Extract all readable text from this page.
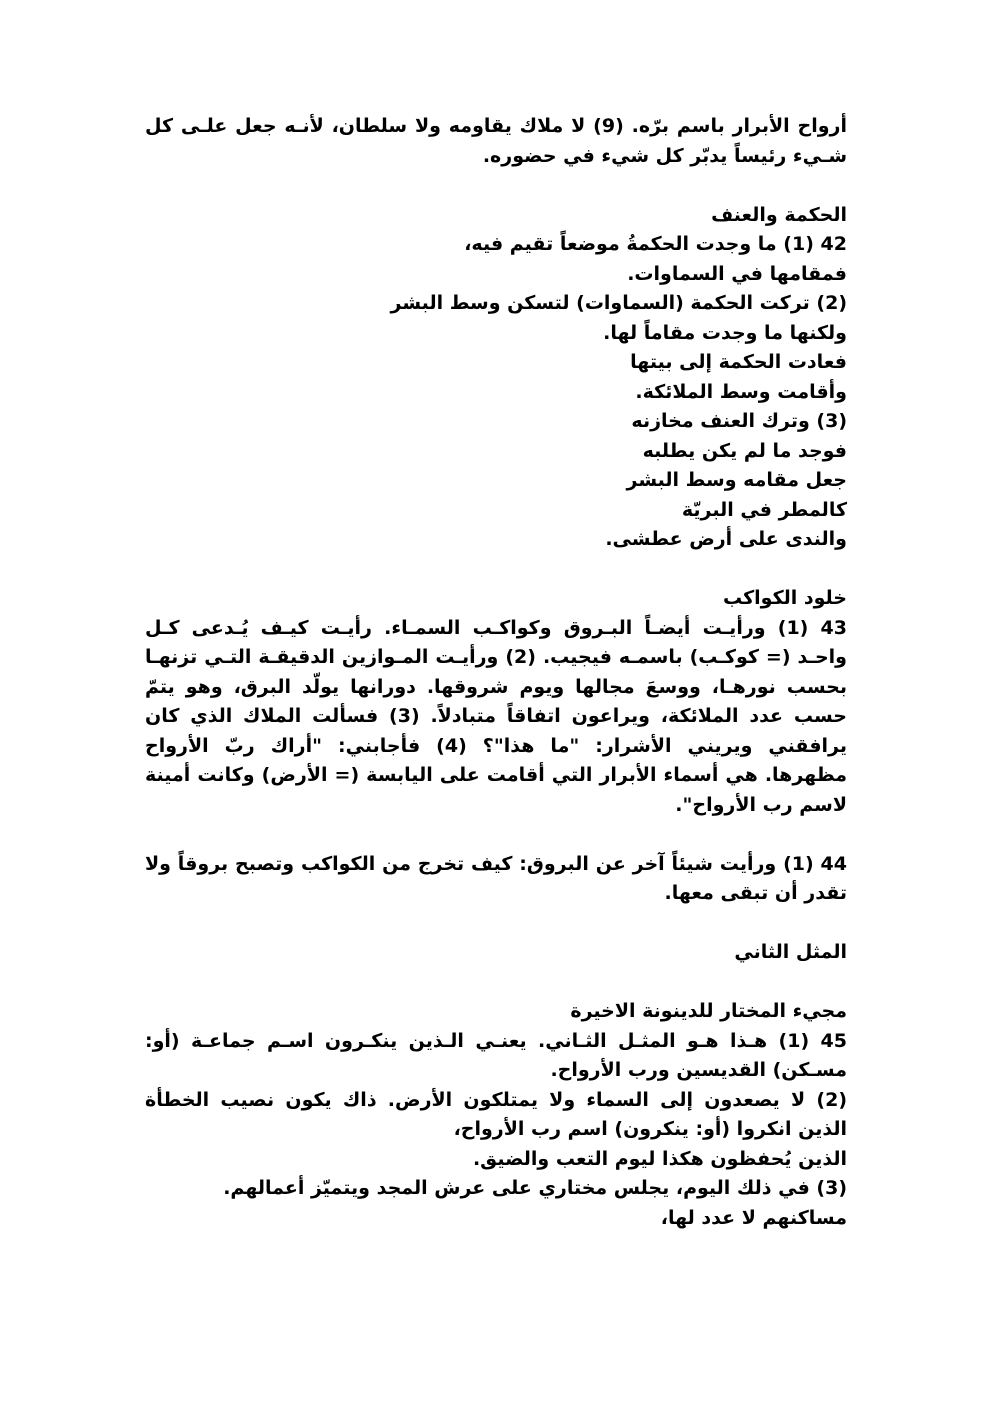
أرواح الأبرار باسم برّه. (9) لا ملاك يقاومه ولا سلطان، لأنـه جعل علـى كل شـيء رئيساً يدبّر كل شيء في حضوره.

الحكمة والعنف
42 (1) ما وجدت الحكمةُ موضعاً تقيم فيه،
فمقامها في السماوات.
(2) تركت الحكمة (السماوات) لتسكن وسط البشر
ولكنها ما وجدت مقاماً لها.
فعادت الحكمة إلى بيتها
وأقامت وسط الملائكة.
(3) وترك العنف مخازنه
فوجد ما لم يكن يطلبه
جعل مقامه وسط البشر
كالمطر في البريّة
والندى على أرض عطشى.
خلود الكواكب

43 (1) ورأيـت أيضـاً البـروق وكواكـب السمـاء. رأيـت كيـف يُـدعى كـل واحـد (= كوكـب) باسمـه فيجيب. (2) ورأيـت المـوازين الدقيقـة التـي تزنهـا بحسب نورهـا، ووسعَ مجالها ويوم شروقها. دورانها يولّد البرق، وهو يتمّ حسب عدد الملائكة، ويراعون اتفاقاً متبادلاً. (3) فسألت الملاك الذي كان يرافقني ويريني الأشرار: "ما هذا"؟ (4) فأجابني: "أراك ربّ الأرواح مظهرها. هي أسماء الأبرار التي أقامت على اليابسة (= الأرض) وكانت أمينة لاسم رب الأرواح".

44 (1) ورأيت شيئاً آخر عن البروق: كيف تخرج من الكواكب وتصبح بروقاً ولا تقدر أن تبقى معها.

المثل الثاني
مجيء المختار للدينونة الاخيرة

45 (1) هـذا هـو المثـل الثـاني. يعنـي الـذين ينكـرون اسـم جماعـة (أو: مسـكن) القديسين ورب الأرواح.

(2) لا يصعدون إلى السماء ولا يمتلكون الأرض. ذاك يكون نصيب الخطأة الذين انكروا (أو: ينكرون) اسم رب الأرواح،

الذين يُحفظون هكذا ليوم التعب والضيق.
(3) في ذلك اليوم، يجلس مختاري على عرش المجد ويتميّز أعمالهم.
مساكنهم لا عدد لها،
